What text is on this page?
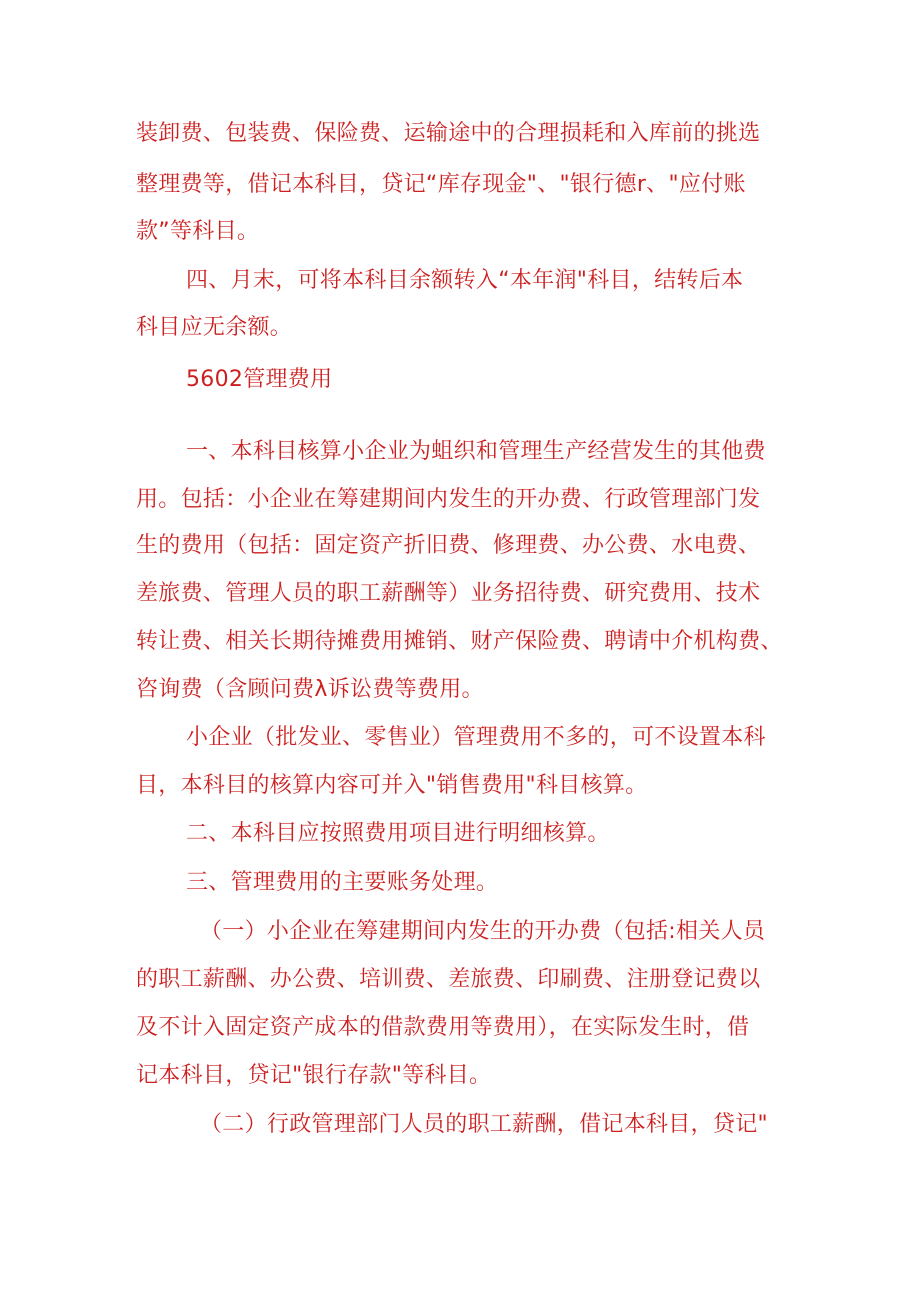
装卸费、包装费、保险费、运输途中的合理损耗和入库前的挑选
整理费等，借记本科目，贷记“库存现金"、"银行德r、"应付账
款”等科目。
四、月末，可将本科目余额转入“本年润"科目，结转后本
科目应无余额。
5602管理费用
一、本科目核算小企业为蛆织和管理生产经营发生的其他费
用。包括：小企业在筹建期间内发生的开办费、行政管理部门发
生的费用（包括：固定资产折旧费、修理费、办公费、水电费、
差旅费、管理人员的职工薪酬等）业务招待费、研究费用、技术
转让费、相关长期待摊费用摊销、财产保险费、聘请中介机构费、
咨询费（含顾问费λ诉讼费等费用。
小企业（批发业、零售业）管理费用不多的，可不设置本科
目，本科目的核算内容可并入"销售费用"科目核算。
二、本科目应按照费用项目进行明细核算。
三、管理费用的主要账务处理。
（一）小企业在筹建期间内发生的开办费（包括:相关人员
的职工薪酬、办公费、培训费、差旅费、印刷费、注册登记费以
及不计入固定资产成本的借款费用等费用），在实际发生时，借
记本科目，贷记"银行存款"等科目。
（二）行政管理部门人员的职工薪酬，借记本科目，贷记"
